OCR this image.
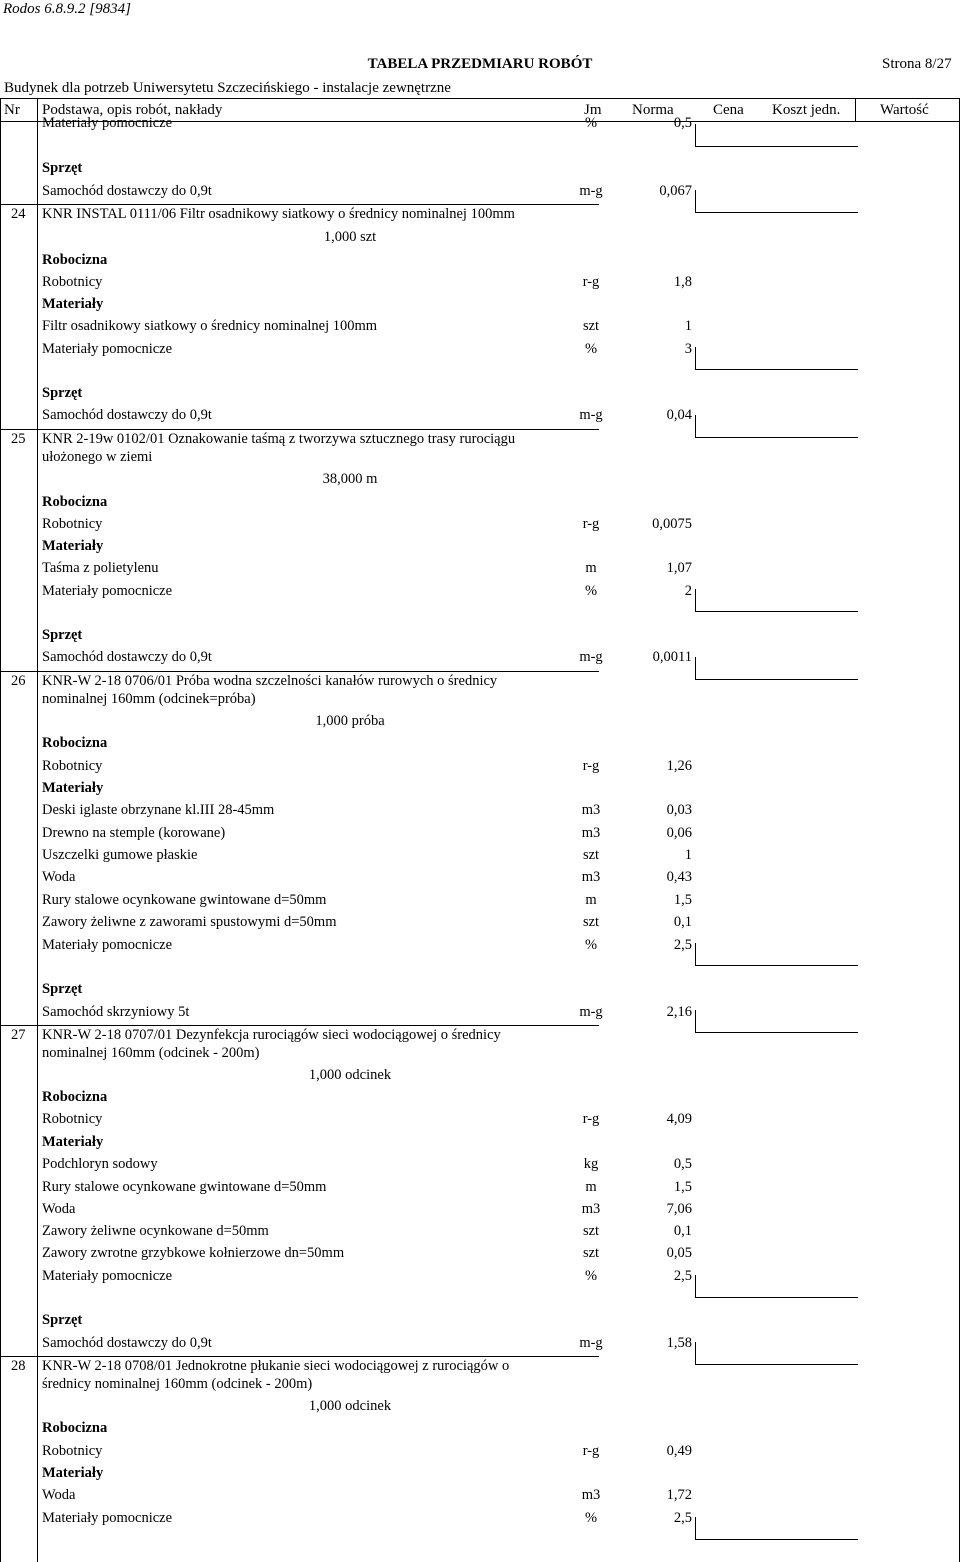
Rodos 6.8.9.2 [9834]
TABELA PRZEDMIARU ROBÓT	Strona 8/27
Budynek dla potrzeb Uniwersytetu Szczecińskiego - instalacje zewnętrzne
Nr Podstawa, opis robót, nakłady	Jm Norma	Cena Koszt jedn.	Wartość
Materiały pomocnicze	%	0,5
Sprzęt
Samochód dostawczy do 0,9t	m-g	0,067
24 KNR INSTAL 0111/06 Filtr osadnikowy siatkowy o średnicy nominalnej 100mm
1,000 szt
Robocizna
Robotnicy	r-g	1,8
Materiały
Filtr osadnikowy siatkowy o średnicy nominalnej 100mm	szt	1
Materiały pomocnicze	%	3
Sprzęt
Samochód dostawczy do 0,9t	m-g	0,04
25 KNR 2-19w 0102/01 Oznakowanie taśmą z tworzywa sztucznego trasy rurociągu
ułożonego w ziemi
38,000 m
Robocizna
Robotnicy	r-g	0,0075
Materiały
Taśma z polietylenu	m	1,07
Materiały pomocnicze	%	2
Sprzęt
Samochód dostawczy do 0,9t	m-g	0,0011
26 KNR-W 2-18 0706/01 Próba wodna szczelności kanałów rurowych o średnicy
nominalnej 160mm (odcinek=próba)
1,000 próba
Robocizna
Robotnicy	r-g	1,26
Materiały
Deski iglaste obrzynane kl.III 28-45mm	m3	0,03
Drewno na stemple (korowane)	m3	0,06
Uszczelki gumowe płaskie	szt	1
Woda	m3	0,43
Rury stalowe ocynkowane gwintowane d=50mm	m	1,5
Zawory żeliwne z zaworami spustowymi d=50mm	szt	0,1
Materiały pomocnicze	%	2,5
Sprzęt
Samochód skrzyniowy 5t	m-g	2,16
27 KNR-W 2-18 0707/01 Dezynfekcja rurociągów sieci wodociągowej o średnicy
nominalnej 160mm (odcinek - 200m)
1,000 odcinek
Robocizna
Robotnicy	r-g	4,09
Materiały
Podchloryn sodowy	kg	0,5
Rury stalowe ocynkowane gwintowane d=50mm	m	1,5
Woda	m3	7,06
Zawory żeliwne ocynkowane d=50mm	szt	0,1
Zawory zwrotne grzybkowe kołnierzowe dn=50mm	szt	0,05
Materiały pomocnicze	%	2,5
Sprzęt
Samochód dostawczy do 0,9t	m-g	1,58
28 KNR-W 2-18 0708/01 Jednokrotne płukanie sieci wodociągowej z rurociągów o
średnicy nominalnej 160mm (odcinek - 200m)
1,000 odcinek
Robocizna
Robotnicy	r-g	0,49
Materiały
Woda	m3	1,72
Materiały pomocnicze	%	2,5
